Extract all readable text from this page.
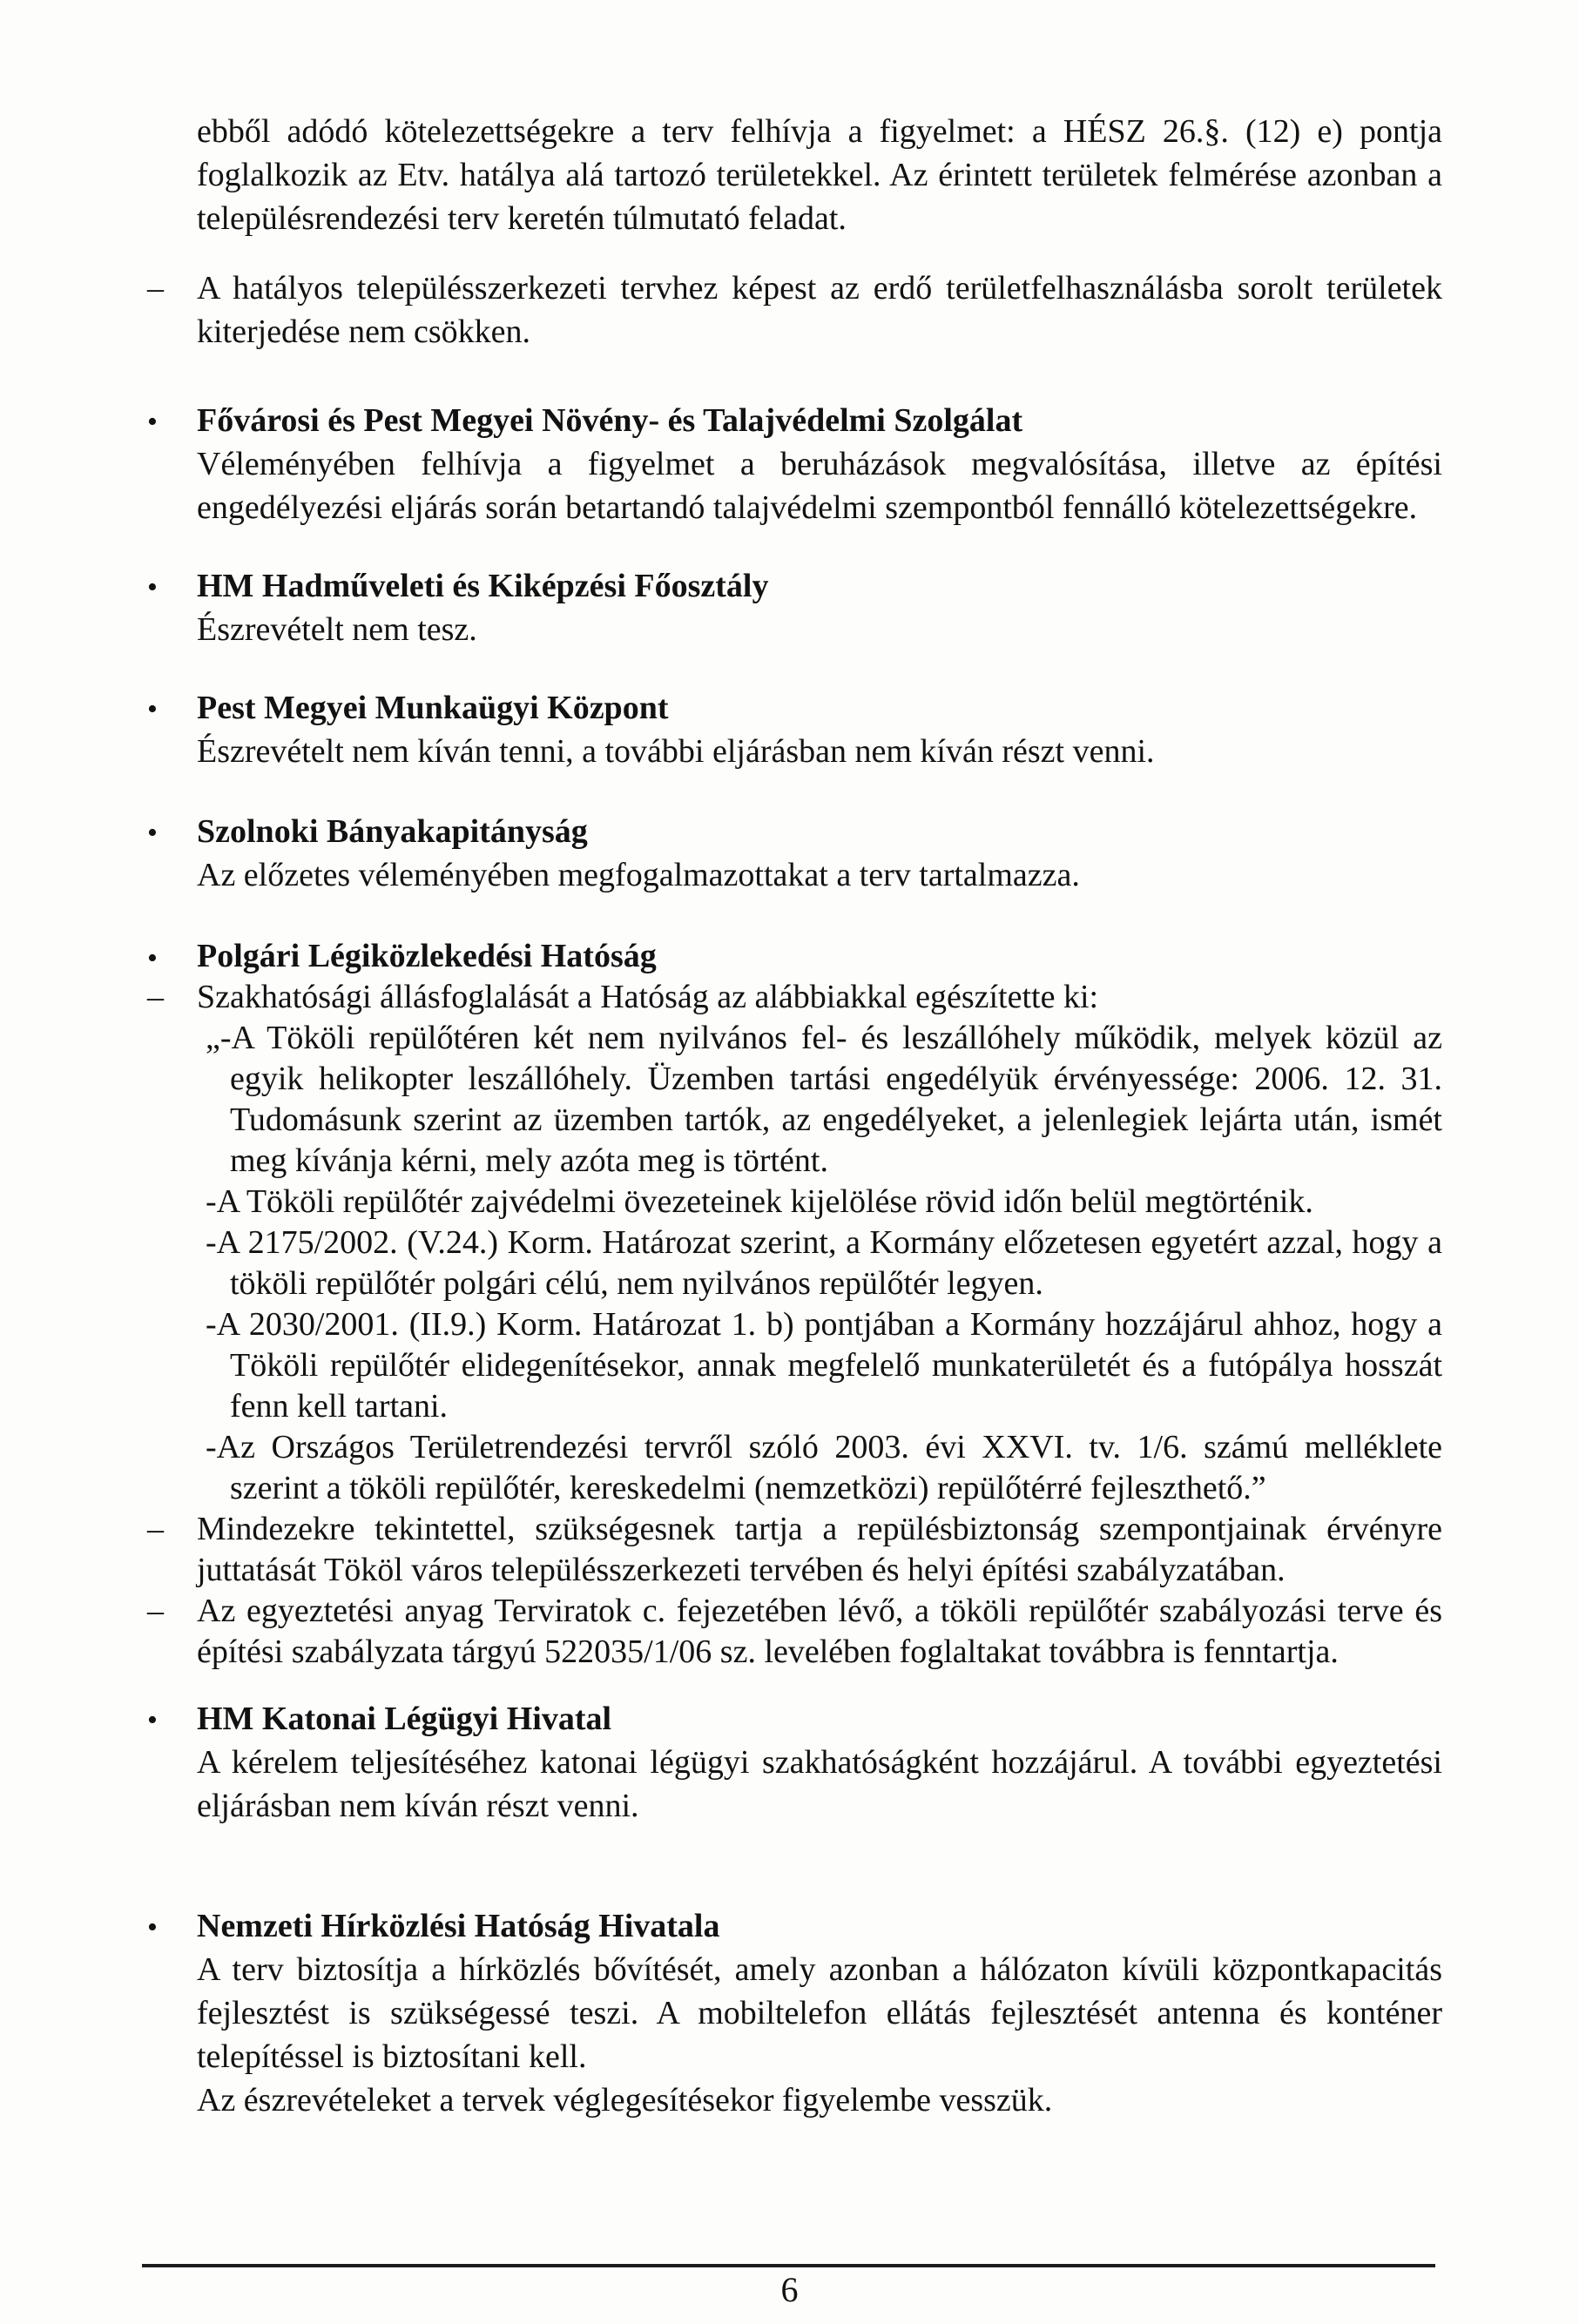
ebből adódó kötelezettségekre a terv felhívja a figyelmet: a HÉSZ 26.§. (12) e) pontja foglalkozik az Etv. hatálya alá tartozó területekkel. Az érintett területek felmérése azonban a településrendezési terv keretén túlmutató feladat.

– A hatályos településszerkezeti tervhez képest az erdő területfelhasználásba sorolt területek kiterjedése nem csökken.
• Fővárosi és Pest Megyei Növény- és Talajvédelmi Szolgálat

Véleményében felhívja a figyelmet a beruházások megvalósítása, illetve az építési engedélyezési eljárás során betartandó talajvédelmi szempontból fennálló kötelezettségekre.

• HM Hadműveleti és Kiképzési Főosztály

Észrevételt nem tesz.

• Pest Megyei Munkaügyi Központ

Észrevételt nem kíván tenni, a további eljárásban nem kíván részt venni.

• Szolnoki Bányakapitányság

Az előzetes véleményében megfogalmazottakat a terv tartalmazza.

• Polgári Légiközlekedési Hatóság
– Szakhatósági állásfoglalását a Hatóság az alábbiakkal egészítette ki:

„-A Tököli repülőtéren két nem nyilvános fel- és leszállóhely működik, melyek közül az egyik helikopter leszállóhely. Üzemben tartási engedélyük érvényessége: 2006. 12. 31. Tudomásunk szerint az üzemben tartók, az engedélyeket, a jelenlegiek lejárta után, ismét meg kívánja kérni, mely azóta meg is történt.

-A Tököli repülőtér zajvédelmi övezeteinek kijelölése rövid időn belül megtörténik.

-A 2175/2002. (V.24.) Korm. Határozat szerint, a Kormány előzetesen egyetért azzal, hogy a tököli repülőtér polgári célú, nem nyilvános repülőtér legyen.

-A 2030/2001. (II.9.) Korm. Határozat 1. b) pontjában a Kormány hozzájárul ahhoz, hogy a Tököli repülőtér elidegenítésekor, annak megfelelő munkaterületét és a futópálya hosszát fenn kell tartani.

-Az Országos Területrendezési tervről szóló 2003. évi XXVI. tv. 1/6. számú melléklete szerint a tököli repülőtér, kereskedelmi (nemzetközi) repülőtérré fejleszthető.”

– Mindezekre tekintettel, szükségesnek tartja a repülésbiztonság szempontjainak érvényre juttatását Tököl város településszerkezeti tervében és helyi építési szabályzatában.
– Az egyeztetési anyag Terviratok c. fejezetében lévő, a tököli repülőtér szabályozási terve és építési szabályzata tárgyú 522035/1/06 sz. levelében foglaltakat továbbra is fenntartja.
• HM Katonai Légügyi Hivatal

A kérelem teljesítéséhez katonai légügyi szakhatóságként hozzájárul. A további egyeztetési eljárásban nem kíván részt venni.

• Nemzeti Hírközlési Hatóság Hivatala

A terv biztosítja a hírközlés bővítését, amely azonban a hálózaton kívüli központkapacitás fejlesztést is szükségessé teszi. A mobiltelefon ellátás fejlesztését antenna és konténer telepítéssel is biztosítani kell.

Az észrevételeket a tervek véglegesítésekor figyelembe vesszük.

6
